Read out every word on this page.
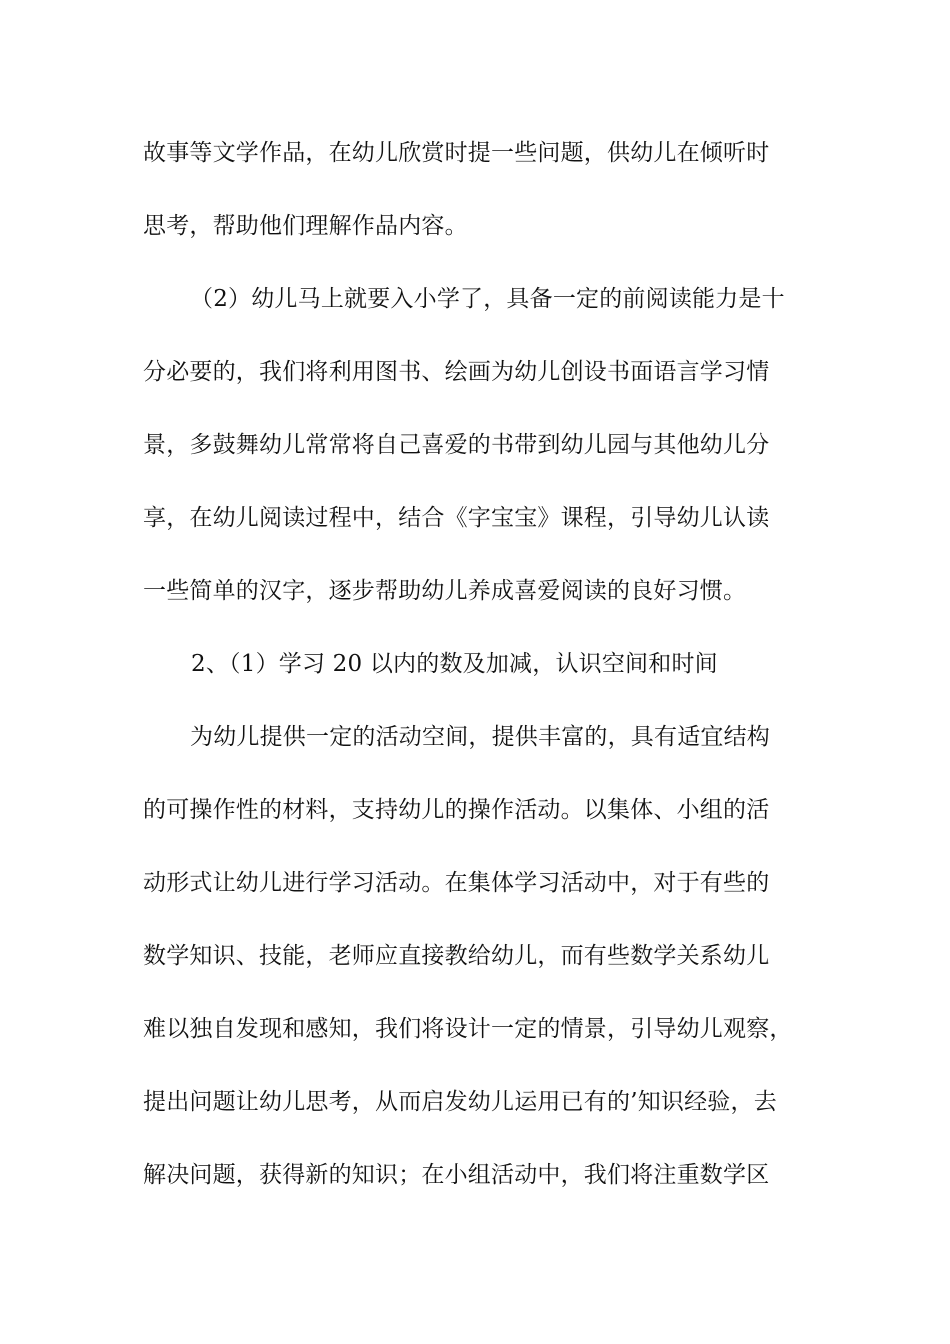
故事等文学作品，在幼儿欣赏时提一些问题，供幼儿在倾听时
思考，帮助他们理解作品内容。
（2）幼儿马上就要入小学了，具备一定的前阅读能力是十
分必要的，我们将利用图书、绘画为幼儿创设书面语言学习情
景，多鼓舞幼儿常常将自己喜爱的书带到幼儿园与其他幼儿分
享，在幼儿阅读过程中，结合《字宝宝》课程，引导幼儿认读
一些简单的汉字，逐步帮助幼儿养成喜爱阅读的良好习惯。
2、（1）学习 20 以内的数及加减，认识空间和时间
为幼儿提供一定的活动空间，提供丰富的，具有适宜结构
的可操作性的材料，支持幼儿的操作活动。以集体、小组的活
动形式让幼儿进行学习活动。在集体学习活动中，对于有些的
数学知识、技能，老师应直接教给幼儿，而有些数学关系幼儿
难以独自发现和感知，我们将设计一定的情景，引导幼儿观察，
提出问题让幼儿思考，从而启发幼儿运用已有的’知识经验，去
解决问题，获得新的知识；在小组活动中，我们将注重数学区
